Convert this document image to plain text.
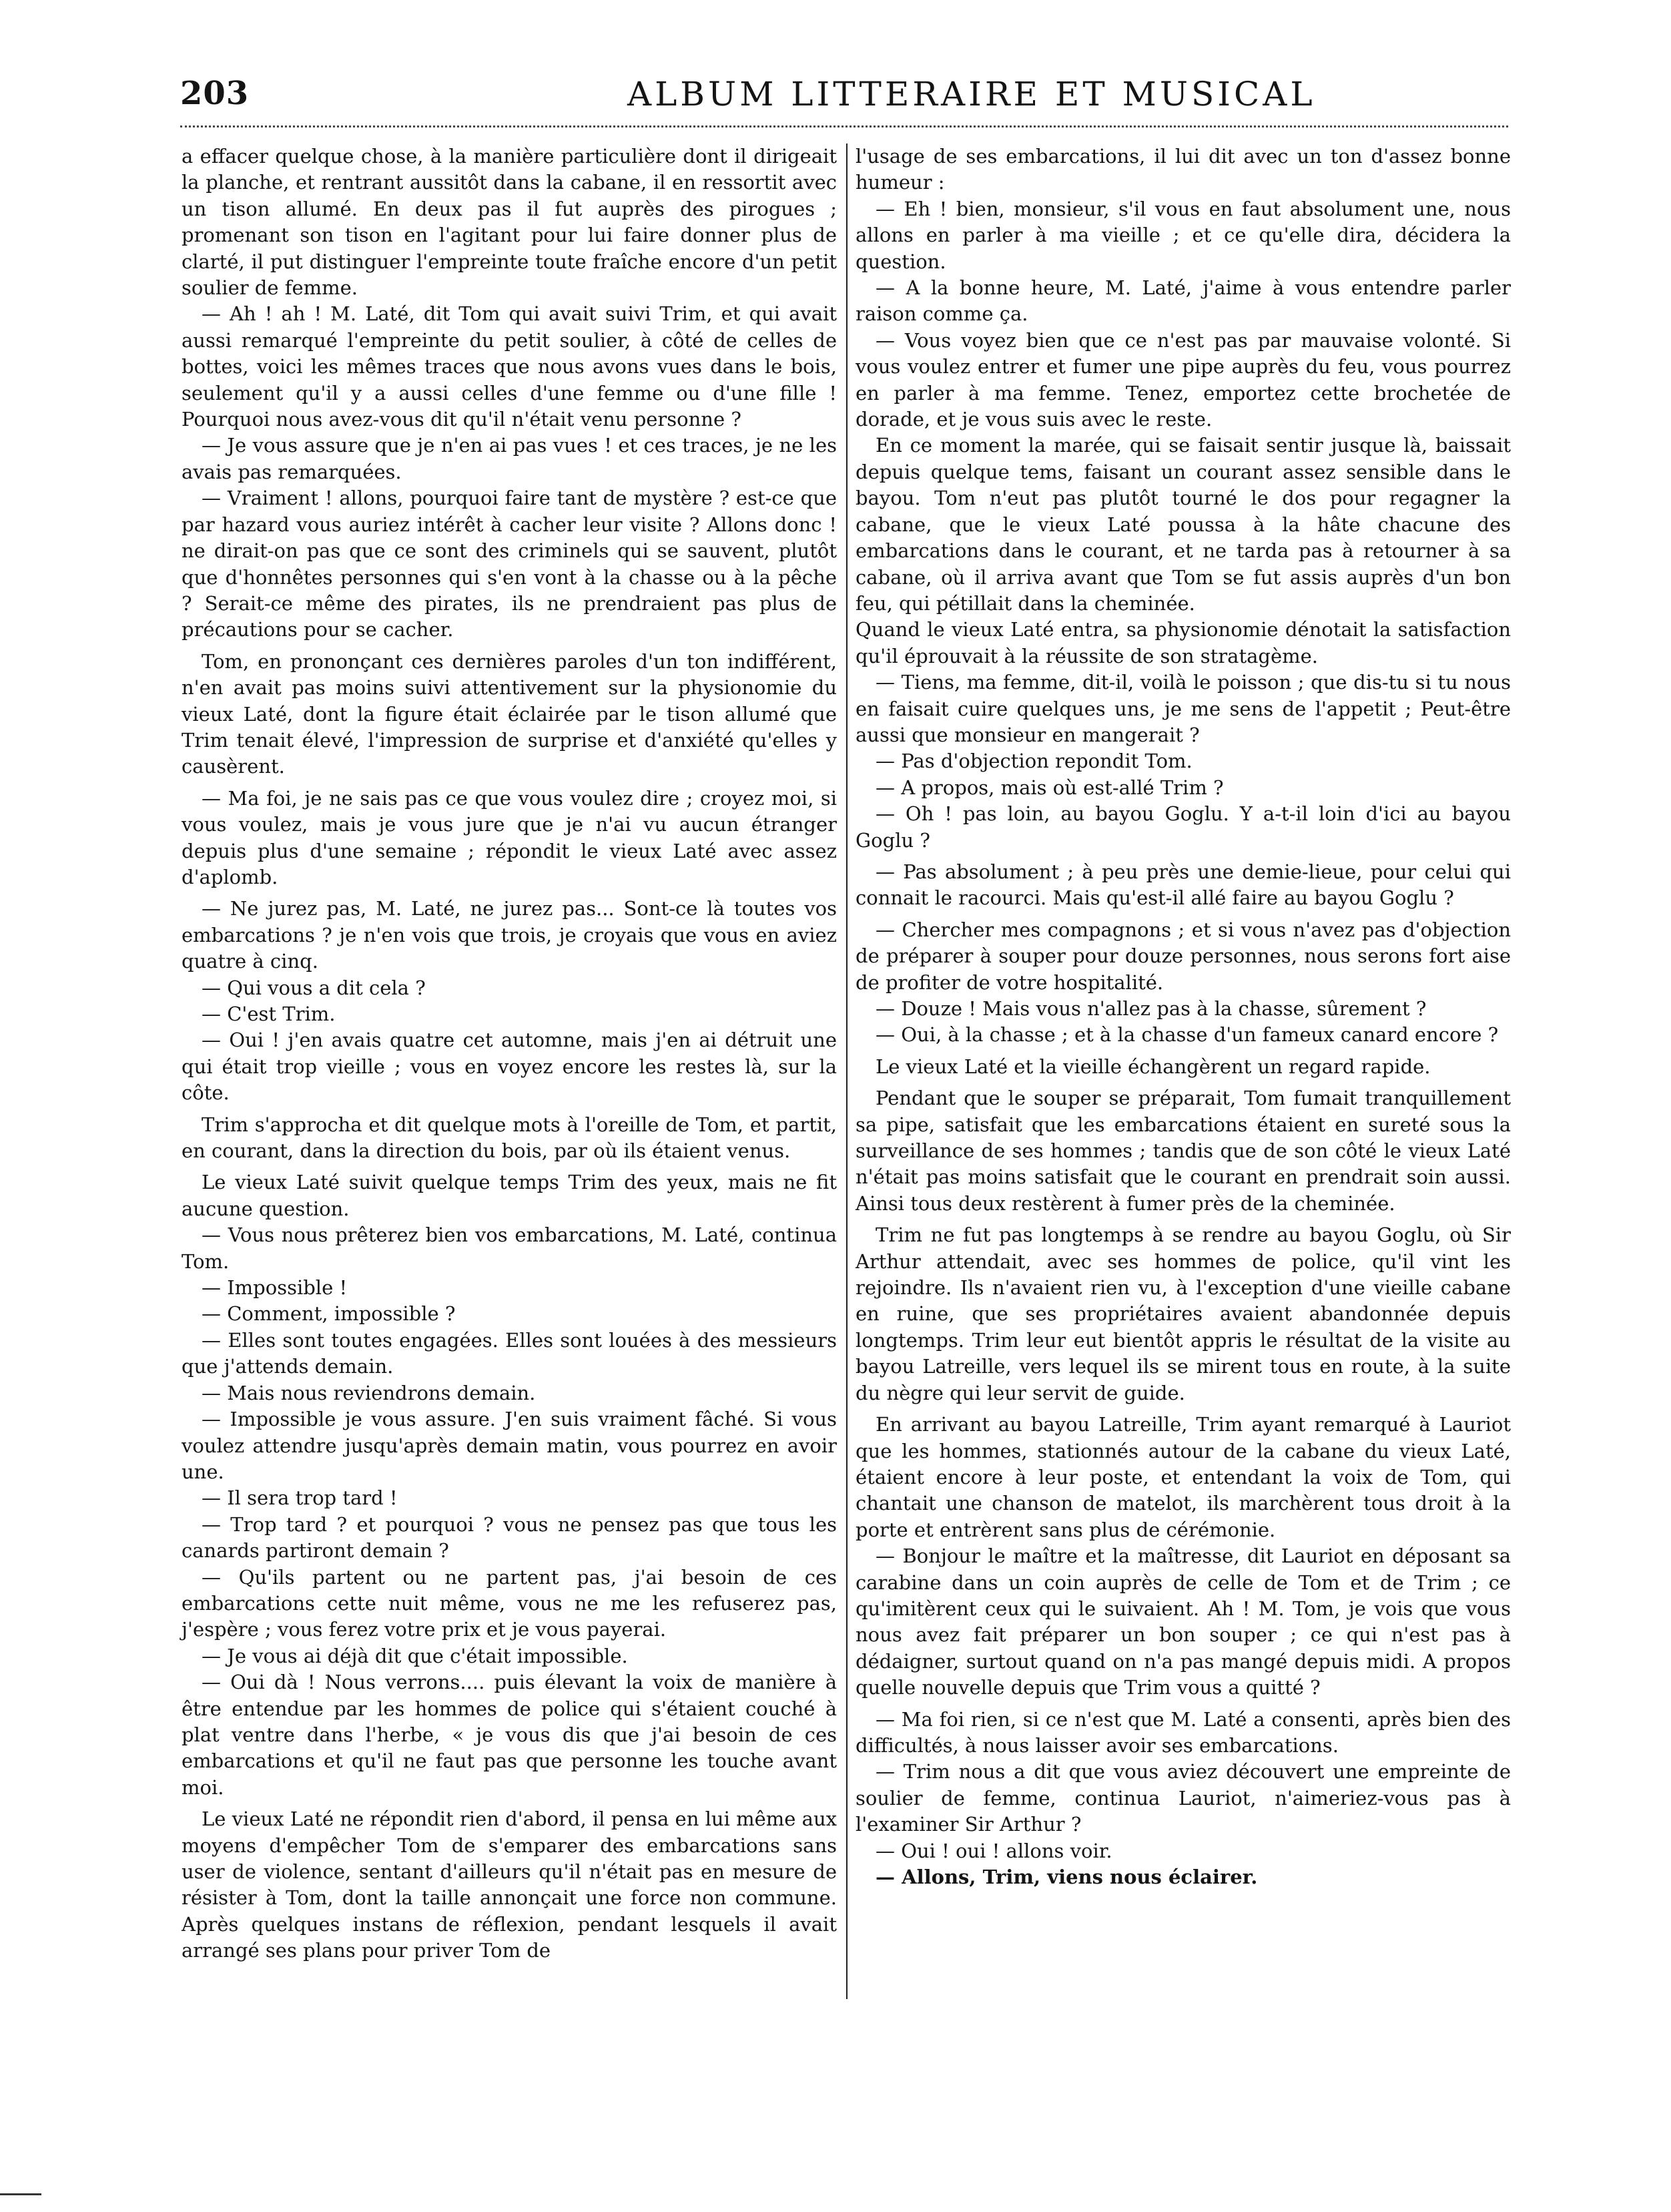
203	ALBUM LITTERAIRE ET MUSICAL

a effacer quelque chose, à la manière particulière dont il dirigeait la planche, et rentrant aussitôt dans la cabane, il en ressortit avec un tison allumé. En deux pas il fut auprès des pirogues ; promenant son tison en l'agitant pour lui faire donner plus de clarté, il put distinguer l'empreinte toute fraîche encore d'un petit soulier de femme.

— Ah ! ah ! M. Laté, dit Tom qui avait suivi Trim, et qui avait aussi remarqué l'empreinte du petit soulier, à côté de celles de bottes, voici les mêmes traces que nous avons vues dans le bois, seulement qu'il y a aussi celles d'une femme ou d'une fille ! Pourquoi nous avez-vous dit qu'il n'était venu personne ?

— Je vous assure que je n'en ai pas vues ! et ces traces, je ne les avais pas remarquées.

— Vraiment ! allons, pourquoi faire tant de mystère ? est-ce que par hazard vous auriez intérêt à cacher leur visite ? Allons donc ! ne dirait-on pas que ce sont des criminels qui se sauvent, plutôt que d'honnêtes personnes qui s'en vont à la chasse ou à la pêche ? Serait-ce même des pirates, ils ne prendraient pas plus de précautions pour se cacher.

Tom, en prononçant ces dernières paroles d'un ton indifférent, n'en avait pas moins suivi attentivement sur la physionomie du vieux Laté, dont la figure était éclairée par le tison allumé que Trim tenait élevé, l'impression de surprise et d'anxiété qu'elles y causèrent.

— Ma foi, je ne sais pas ce que vous voulez dire ; croyez moi, si vous voulez, mais je vous jure que je n'ai vu aucun étranger depuis plus d'une semaine ; répondit le vieux Laté avec assez d'aplomb.

— Ne jurez pas, M. Laté, ne jurez pas... Sont-ce là toutes vos embarcations ? je n'en vois que trois, je croyais que vous en aviez quatre à cinq.

— Qui vous a dit cela ?

— C'est Trim.

— Oui ! j'en avais quatre cet automne, mais j'en ai détruit une qui était trop vieille ; vous en voyez encore les restes là, sur la côte.

Trim s'approcha et dit quelque mots à l'oreille de Tom, et partit, en courant, dans la direction du bois, par où ils étaient venus.

Le vieux Laté suivit quelque temps Trim des yeux, mais ne fit aucune question.

— Vous nous prêterez bien vos embarcations, M. Laté, continua Tom.

— Impossible !

— Comment, impossible ?

— Elles sont toutes engagées. Elles sont louées à des messieurs que j'attends demain.

— Mais nous reviendrons demain.

— Impossible je vous assure. J'en suis vraiment fâché. Si vous voulez attendre jusqu'après demain matin, vous pourrez en avoir une.

— Il sera trop tard !

— Trop tard ? et pourquoi ? vous ne pensez pas que tous les canards partiront demain ?

— Qu'ils partent ou ne partent pas, j'ai besoin de ces embarcations cette nuit même, vous ne me les refuserez pas, j'espère ; vous ferez votre prix et je vous payerai.

— Je vous ai déjà dit que c'était impossible.

— Oui dà ! Nous verrons.... puis élevant la voix de manière à être entendue par les hommes de police qui s'étaient couché à plat ventre dans l'herbe, « je vous dis que j'ai besoin de ces embarcations et qu'il ne faut pas que personne les touche avant moi.

Le vieux Laté ne répondit rien d'abord, il pensa en lui même aux moyens d'empêcher Tom de s'emparer des embarcations sans user de violence, sentant d'ailleurs qu'il n'était pas en mesure de résister à Tom, dont la taille annonçait une force non commune. Après quelques instans de réflexion, pendant lesquels il avait arrangé ses plans pour priver Tom de

l'usage de ses embarcations, il lui dit avec un ton d'assez bonne humeur :

— Eh ! bien, monsieur, s'il vous en faut absolument une, nous allons en parler à ma vieille ; et ce qu'elle dira, décidera la question.

— A la bonne heure, M. Laté, j'aime à vous entendre parler raison comme ça.

— Vous voyez bien que ce n'est pas par mauvaise volonté. Si vous voulez entrer et fumer une pipe auprès du feu, vous pourrez en parler à ma femme. Tenez, emportez cette brochetée de dorade, et je vous suis avec le reste.

En ce moment la marée, qui se faisait sentir jusque là, baissait depuis quelque tems, faisant un courant assez sensible dans le bayou. Tom n'eut pas plutôt tourné le dos pour regagner la cabane, que le vieux Laté poussa à la hâte chacune des embarcations dans le courant, et ne tarda pas à retourner à sa cabane, où il arriva avant que Tom se fut assis auprès d'un bon feu, qui pétillait dans la cheminée.

Quand le vieux Laté entra, sa physionomie dénotait la satisfaction qu'il éprouvait à la réussite de son stratagème.

— Tiens, ma femme, dit-il, voilà le poisson ; que dis-tu si tu nous en faisait cuire quelques uns, je me sens de l'appetit ; Peut-être aussi que monsieur en mangerait ?

— Pas d'objection repondit Tom.

— A propos, mais où est-allé Trim ?

— Oh ! pas loin, au bayou Goglu. Y a-t-il loin d'ici au bayou Goglu ?

— Pas absolument ; à peu près une demie-lieue, pour celui qui connait le racourci. Mais qu'est-il allé faire au bayou Goglu ?

— Chercher mes compagnons ; et si vous n'avez pas d'objection de préparer à souper pour douze personnes, nous serons fort aise de profiter de votre hospitalité.

— Douze ! Mais vous n'allez pas à la chasse, sûrement ?

— Oui, à la chasse ; et à la chasse d'un fameux canard encore ?

Le vieux Laté et la vieille échangèrent un regard rapide.

Pendant que le souper se préparait, Tom fumait tranquillement sa pipe, satisfait que les embarcations étaient en sureté sous la surveillance de ses hommes ; tandis que de son côté le vieux Laté n'était pas moins satisfait que le courant en prendrait soin aussi. Ainsi tous deux restèrent à fumer près de la cheminée.

Trim ne fut pas longtemps à se rendre au bayou Goglu, où Sir Arthur attendait, avec ses hommes de police, qu'il vint les rejoindre. Ils n'avaient rien vu, à l'exception d'une vieille cabane en ruine, que ses propriétaires avaient abandonnée depuis longtemps. Trim leur eut bientôt appris le résultat de la visite au bayou Latreille, vers lequel ils se mirent tous en route, à la suite du nègre qui leur servit de guide.

En arrivant au bayou Latreille, Trim ayant remarqué à Lauriot que les hommes, stationnés autour de la cabane du vieux Laté, étaient encore à leur poste, et entendant la voix de Tom, qui chantait une chanson de matelot, ils marchèrent tous droit à la porte et entrèrent sans plus de cérémonie.

— Bonjour le maître et la maîtresse, dit Lauriot en déposant sa carabine dans un coin auprès de celle de Tom et de Trim ; ce qu'imitèrent ceux qui le suivaient. Ah ! M. Tom, je vois que vous nous avez fait préparer un bon souper ; ce qui n'est pas à dédaigner, surtout quand on n'a pas mangé depuis midi. A propos quelle nouvelle depuis que Trim vous a quitté ?

— Ma foi rien, si ce n'est que M. Laté a consenti, après bien des difficultés, à nous laisser avoir ses embarcations.

— Trim nous a dit que vous aviez découvert une empreinte de soulier de femme, continua Lauriot, n'aimeriez-vous pas à l'examiner Sir Arthur ?

— Oui ! oui ! allons voir.

— Allons, Trim, viens nous éclairer.
